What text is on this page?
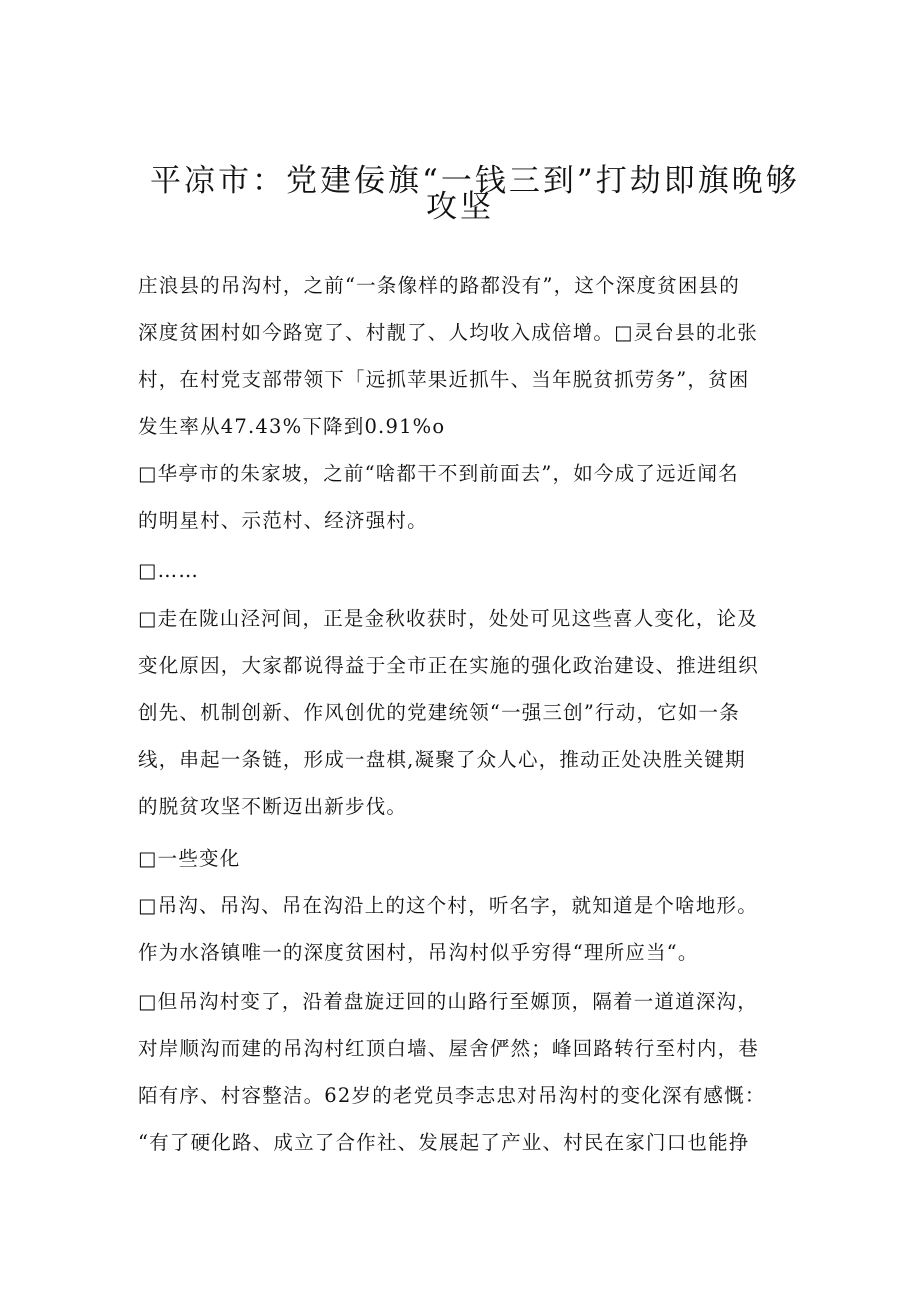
平凉市：党建佞旗“一钱三到”打劫即旗晚够
攻坚

庄浪县的吊沟村，之前“一条像样的路都没有”，这个深度贫困县的
深度贫困村如今路宽了、村靓了、人均收入成倍增。□灵台县的北张
村，在村党支部带领下「远抓苹果近抓牛、当年脱贫抓劳务”，贫困
发生率从47.43%下降到0.91%o

□华亭市的朱家坡，之前“啥都干不到前面去”，如今成了远近闻名
的明星村、示范村、经济强村。

□……

□走在陇山泾河间，正是金秋收获时，处处可见这些喜人变化，论及
变化原因，大家都说得益于全市正在实施的强化政治建设、推进组织
创先、机制创新、作风创优的党建统领“一强三创”行动，它如一条
线，串起一条链，形成一盘棋,凝聚了众人心，推动正处决胜关键期
的脱贫攻坚不断迈出新步伐。

□一些变化

□吊沟、吊沟、吊在沟沿上的这个村，听名字，就知道是个啥地形。
作为水洛镇唯一的深度贫困村，吊沟村似乎穷得“理所应当“。

□但吊沟村变了，沿着盘旋迂回的山路行至嫄顶，隔着一道道深沟，
对岸顺沟而建的吊沟村红顶白墙、屋舍俨然；峰回路转行至村内，巷
陌有序、村容整洁。62岁的老党员李志忠对吊沟村的变化深有感慨：
“有了硬化路、成立了合作社、发展起了产业、村民在家门口也能挣
